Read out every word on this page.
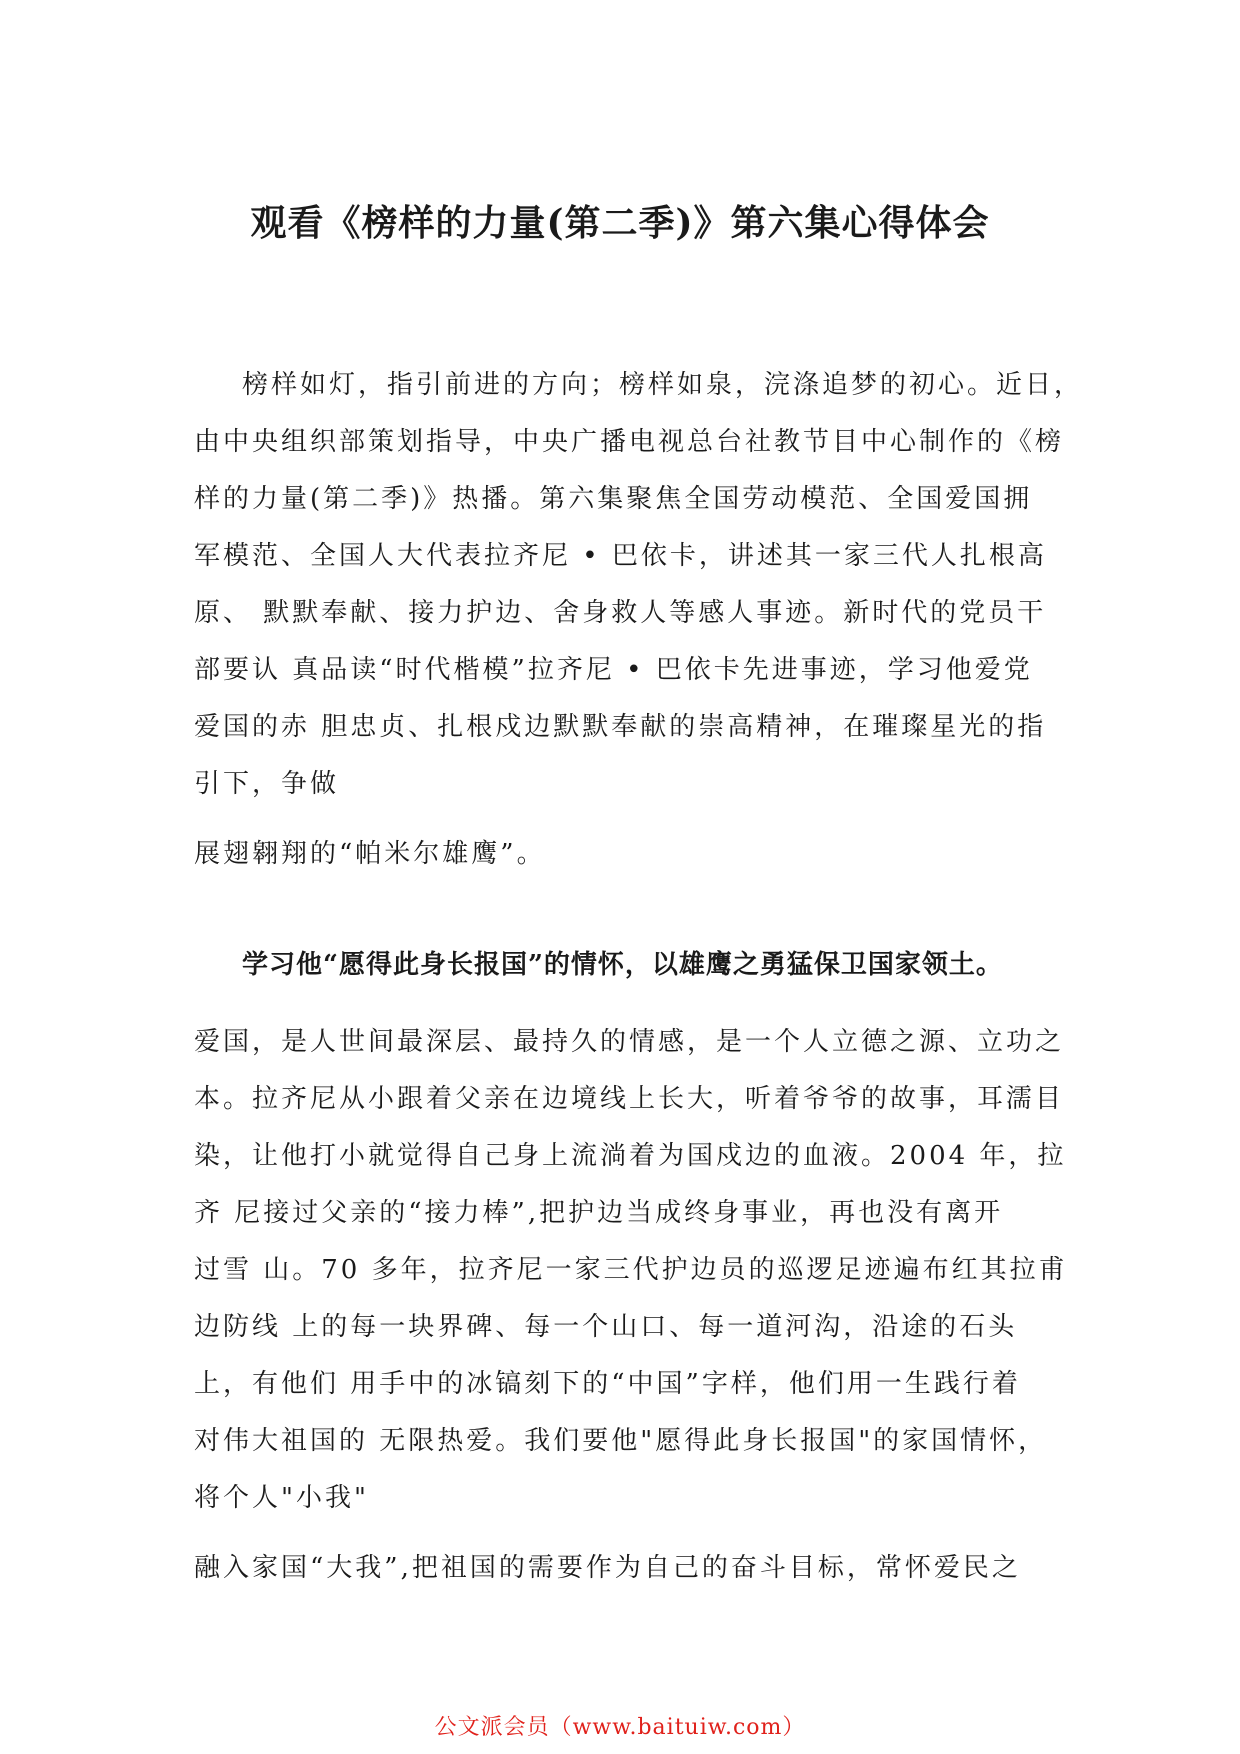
观看《榜样的力量(第二季)》第六集心得体会

榜样如灯，指引前进的方向；榜样如泉，浣涤追梦的初心。近日，

由中央组织部策划指导，中央广播电视总台社教节目中心制作的《榜

样的力量(第二季)》热播。第六集聚焦全国劳动模范、全国爱国拥

军模范、全国人大代表拉齐尼 • 巴依卡，讲述其一家三代人扎根高

原、 默默奉献、接力护边、舍身救人等感人事迹。新时代的党员干

部要认 真品读“时代楷模”拉齐尼 • 巴依卡先进事迹，学习他爱党

爱国的赤 胆忠贞、扎根戍边默默奉献的崇高精神，在璀璨星光的指

引下，争做

展翅翱翔的“帕米尔雄鹰”。

学习他“愿得此身长报国”的情怀，以雄鹰之勇猛保卫国家领土。

爱国，是人世间最深层、最持久的情感，是一个人立德之源、立功之

本。拉齐尼从小跟着父亲在边境线上长大，听着爷爷的故事，耳濡目

染，让他打小就觉得自己身上流淌着为国戍边的血液。2004 年，拉

齐 尼接过父亲的“接力棒”,把护边当成终身事业，再也没有离开

过雪 山。70 多年，拉齐尼一家三代护边员的巡逻足迹遍布红其拉甫

边防线 上的每一块界碑、每一个山口、每一道河沟，沿途的石头

上，有他们 用手中的冰镐刻下的“中国”字样，他们用一生践行着

对伟大祖国的 无限热爱。我们要他"愿得此身长报国"的家国情怀，

将个人"小我"

融入家国“大我”,把祖国的需要作为自己的奋斗目标，常怀爱民之

公文派会员（www.baituiw.com）
